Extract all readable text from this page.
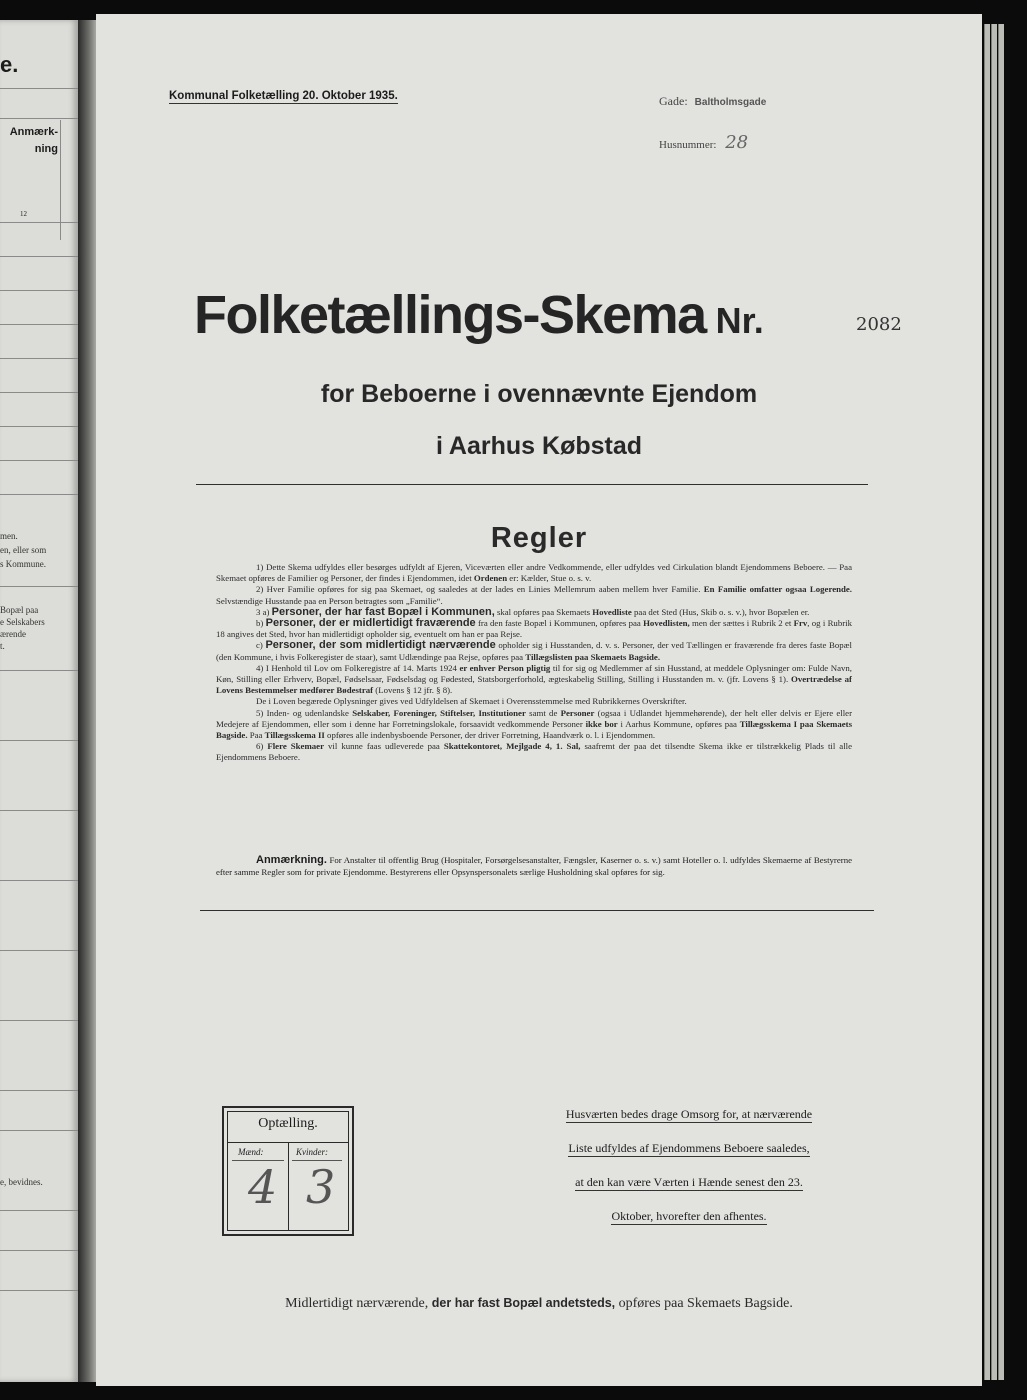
e.
Anmærk-
ning
12
men.
en, eller som
s Kommune.
Bopæl paa
e Selskabers
ærende
t.
e, bevidnes.
Kommunal Folketælling 20. Oktober 1935.	Gade: Baltholmsgade
Husnummer: 28
Folketællings-Skema Nr.	2082
for Beboerne i ovennævnte Ejendom
i Aarhus Købstad
Regler

1) Dette Skema udfyldes eller besørges udfyldt af Ejeren, Viceværten eller andre Vedkommende, eller udfyldes ved Cirkulation blandt Ejendommens Beboere. — Paa Skemaet opføres de Familier og Personer, der findes i Ejendommen, idet Ordenen er: Kælder, Stue o. s. v.

2) Hver Familie opføres for sig paa Skemaet, og saaledes at der lades en Linies Mellemrum aaben mellem hver Familie. En Familie omfatter ogsaa Logerende. Selvstændige Husstande paa en Person betragtes som „Familie“.

3 a) Personer, der har fast Bopæl i Kommunen, skal opføres paa Skemaets Hovedliste paa det Sted (Hus, Skib o. s. v.), hvor Bopælen er.

b) Personer, der er midlertidigt fraværende fra den faste Bopæl i Kommunen, opføres paa Hovedlisten, men der sættes i Rubrik 2 et Frv, og i Rubrik 18 angives det Sted, hvor han midlertidigt opholder sig, eventuelt om han er paa Rejse.

c) Personer, der som midlertidigt nærværende opholder sig i Husstanden, d. v. s. Personer, der ved Tællingen er fraværende fra deres faste Bopæl (den Kommune, i hvis Folkeregister de staar), samt Udlændinge paa Rejse, opføres paa Tillægslisten paa Skemaets Bagside.

4) I Henhold til Lov om Folkeregistre af 14. Marts 1924 er enhver Person pligtig til for sig og Medlemmer af sin Husstand, at meddele Oplysninger om: Fulde Navn, Køn, Stilling eller Erhverv, Bopæl, Fødselsaar, Fødselsdag og Fødested, Statsborgerforhold, ægteskabelig Stilling, Stilling i Husstanden m. v. (jfr. Lovens § 1). Overtrædelse af Lovens Bestemmelser medfører Bødestraf (Lovens § 12 jfr. § 8).

De i Loven begærede Oplysninger gives ved Udfyldelsen af Skemaet i Overensstemmelse med Rubrikkernes Overskrifter.

5) Inden- og udenlandske Selskaber, Foreninger, Stiftelser, Institutioner samt de Personer (ogsaa i Udlandet hjemmehørende), der helt eller delvis er Ejere eller Medejere af Ejendommen, eller som i denne har Forretningslokale, forsaavidt vedkommende Personer ikke bor i Aarhus Kommune, opføres paa Tillægsskema I paa Skemaets Bagside. Paa Tillægsskema II opføres alle indenbysboende Personer, der driver Forretning, Haandværk o. l. i Ejendommen.

6) Flere Skemaer vil kunne faas udleverede paa Skattekontoret, Mejlgade 4, 1. Sal, saafremt der paa det tilsendte Skema ikke er tilstrækkelig Plads til alle Ejendommens Beboere.

Anmærkning. For Anstalter til offentlig Brug (Hospitaler, Forsørgelsesanstalter, Fængsler, Kaserner o. s. v.) samt Hoteller o. l. udfyldes Skemaerne af Bestyrerne efter samme Regler som for private Ejendomme. Bestyrerens eller Opsynspersonalets særlige Husholdning skal opføres for sig.

Optælling.
Mænd:	Kvinder:
4 3
Husværten bedes drage Omsorg for, at nærværende
Liste udfyldes af Ejendommens Beboere saaledes,
at den kan være Værten i Hænde senest den 23.
Oktober, hvorefter den afhentes.
Midlertidigt nærværende, der har fast Bopæl andetsteds, opføres paa Skemaets Bagside.
